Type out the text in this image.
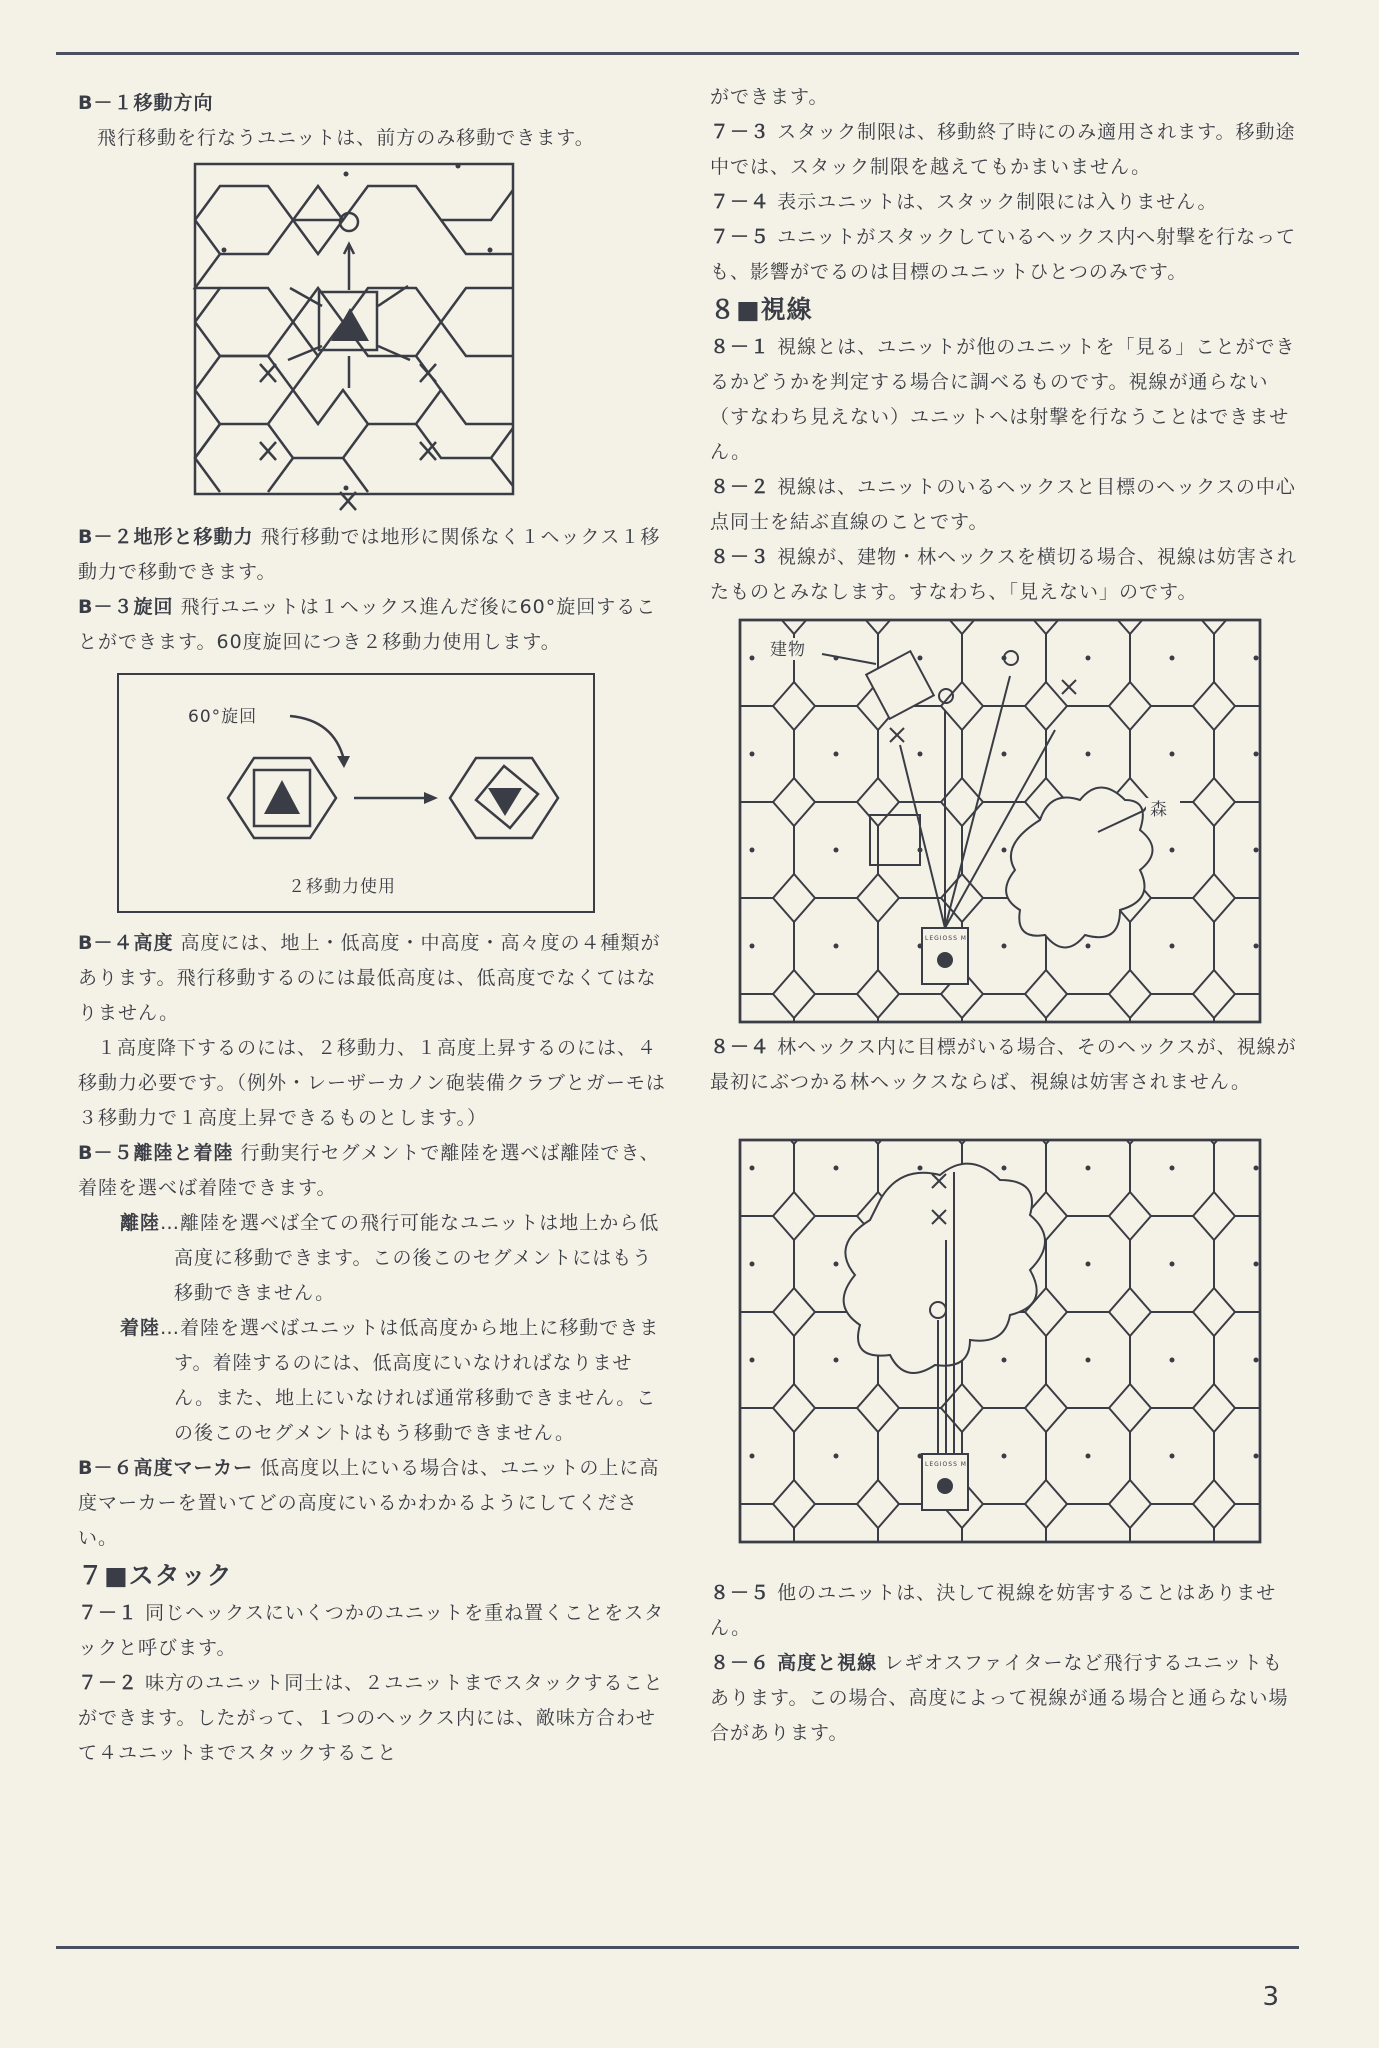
B－１移動方向

飛行移動を行なうユニットは、前方のみ移動できます。

B－２地形と移動力 飛行移動では地形に関係なく１ヘックス１移動力で移動できます。

B－３旋回 飛行ユニットは１ヘックス進んだ後に60°旋回することができます。60度旋回につき２移動力使用します。

60°旋回
２移動力使用

B－４高度 高度には、地上・低高度・中高度・高々度の４種類があります。飛行移動するのには最低高度は、低高度でなくてはなりません。

１高度降下するのには、２移動力、１高度上昇するのには、４移動力必要です。（例外・レーザーカノン砲装備クラブとガーモは３移動力で１高度上昇できるものとします。）

B－５離陸と着陸 行動実行セグメントで離陸を選べば離陸でき、着陸を選べば着陸できます。

離陸…離陸を選べば全ての飛行可能なユニットは地上から低高度に移動できます。この後このセグメントにはもう移動できません。

着陸…着陸を選べばユニットは低高度から地上に移動できます。着陸するのには、低高度にいなければなりません。また、地上にいなければ通常移動できません。この後このセグメントはもう移動できません。

B－６高度マーカー 低高度以上にいる場合は、ユニットの上に高度マーカーを置いてどの高度にいるかわかるようにしてください。

７■スタック

７－１ 同じヘックスにいくつかのユニットを重ね置くことをスタックと呼びます。

７－２ 味方のユニット同士は、２ユニットまでスタックすることができます。したがって、１つのヘックス内には、敵味方合わせて４ユニットまでスタックすること

ができます。

７－３ スタック制限は、移動終了時にのみ適用されます。移動途中では、スタック制限を越えてもかまいません。

７－４ 表示ユニットは、スタック制限には入りません。

７－５ ユニットがスタックしているヘックス内へ射撃を行なっても、影響がでるのは目標のユニットひとつのみです。

８■視線

８－１ 視線とは、ユニットが他のユニットを「見る」ことができるかどうかを判定する場合に調べるものです。視線が通らない（すなわち見えない）ユニットへは射撃を行なうことはできません。

８－２ 視線は、ユニットのいるヘックスと目標のヘックスの中心点同士を結ぶ直線のことです。

８－３ 視線が、建物・林ヘックスを横切る場合、視線は妨害されたものとみなします。すなわち、「見えない」のです。

LEGIOSS M
建物
森

８－４ 林ヘックス内に目標がいる場合、そのヘックスが、視線が最初にぶつかる林ヘックスならば、視線は妨害されません。

LEGIOSS M

８－５ 他のユニットは、決して視線を妨害することはありません。

８－６ 高度と視線 レギオスファイターなど飛行するユニットもあります。この場合、高度によって視線が通る場合と通らない場合があります。

3
